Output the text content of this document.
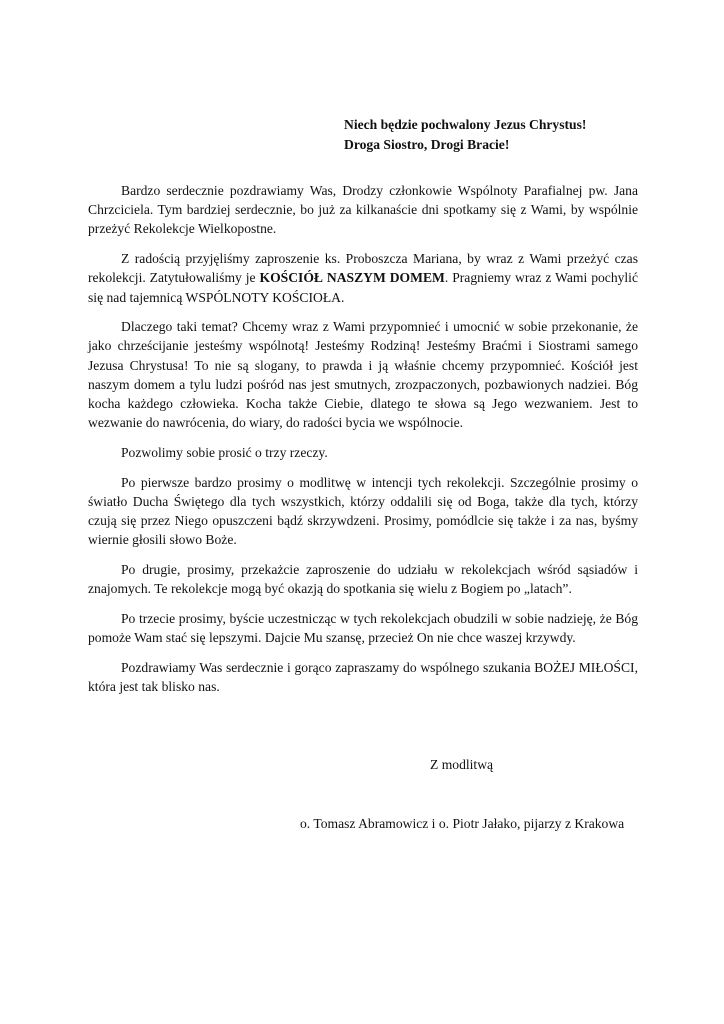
Niech będzie pochwalony Jezus Chrystus!
Droga Siostro, Drogi Bracie!

Bardzo serdecznie pozdrawiamy Was, Drodzy członkowie Wspólnoty Parafialnej pw. Jana Chrzciciela. Tym bardziej serdecznie, bo już za kilkanaście dni spotkamy się z Wami, by wspólnie przeżyć Rekolekcje Wielkopostne.

Z radością przyjęliśmy zaproszenie ks. Proboszcza Mariana, by wraz z Wami przeżyć czas rekolekcji. Zatytułowaliśmy je KOŚCIÓŁ NASZYM DOMEM. Pragniemy wraz z Wami pochylić się nad tajemnicą WSPÓLNOTY KOŚCIOŁA.

Dlaczego taki temat? Chcemy wraz z Wami przypomnieć i umocnić w sobie przekonanie, że jako chrześcijanie jesteśmy wspólnotą! Jesteśmy Rodziną! Jesteśmy Braćmi i Siostrami samego Jezusa Chrystusa! To nie są slogany, to prawda i ją właśnie chcemy przypomnieć. Kościół jest naszym domem a tylu ludzi pośród nas jest smutnych, zrozpaczonych, pozbawionych nadziei. Bóg kocha każdego człowieka. Kocha także Ciebie, dlatego te słowa są Jego wezwaniem. Jest to wezwanie do nawrócenia, do wiary, do radości bycia we wspólnocie.

Pozwolimy sobie prosić o trzy rzeczy.

Po pierwsze bardzo prosimy o modlitwę w intencji tych rekolekcji. Szczególnie prosimy o światło Ducha Świętego dla tych wszystkich, którzy oddalili się od Boga, także dla tych, którzy czują się przez Niego opuszczeni bądź skrzywdzeni. Prosimy, pomódlcie się także i za nas, byśmy wiernie głosili słowo Boże.

Po drugie, prosimy, przekażcie zaproszenie do udziału w rekolekcjach wśród sąsiadów i znajomych. Te rekolekcje mogą być okazją do spotkania się wielu z Bogiem po „latach”.

Po trzecie prosimy, byście uczestnicząc w tych rekolekcjach obudzili w sobie nadzieję, że Bóg pomoże Wam stać się lepszymi. Dajcie Mu szansę, przecież On nie chce waszej krzywdy.

Pozdrawiamy Was serdecznie i gorąco zapraszamy do wspólnego szukania BOŻEJ MIŁOŚCI, która jest tak blisko nas.

Z modlitwą
o. Tomasz Abramowicz i o. Piotr Jałako, pijarzy z Krakowa
